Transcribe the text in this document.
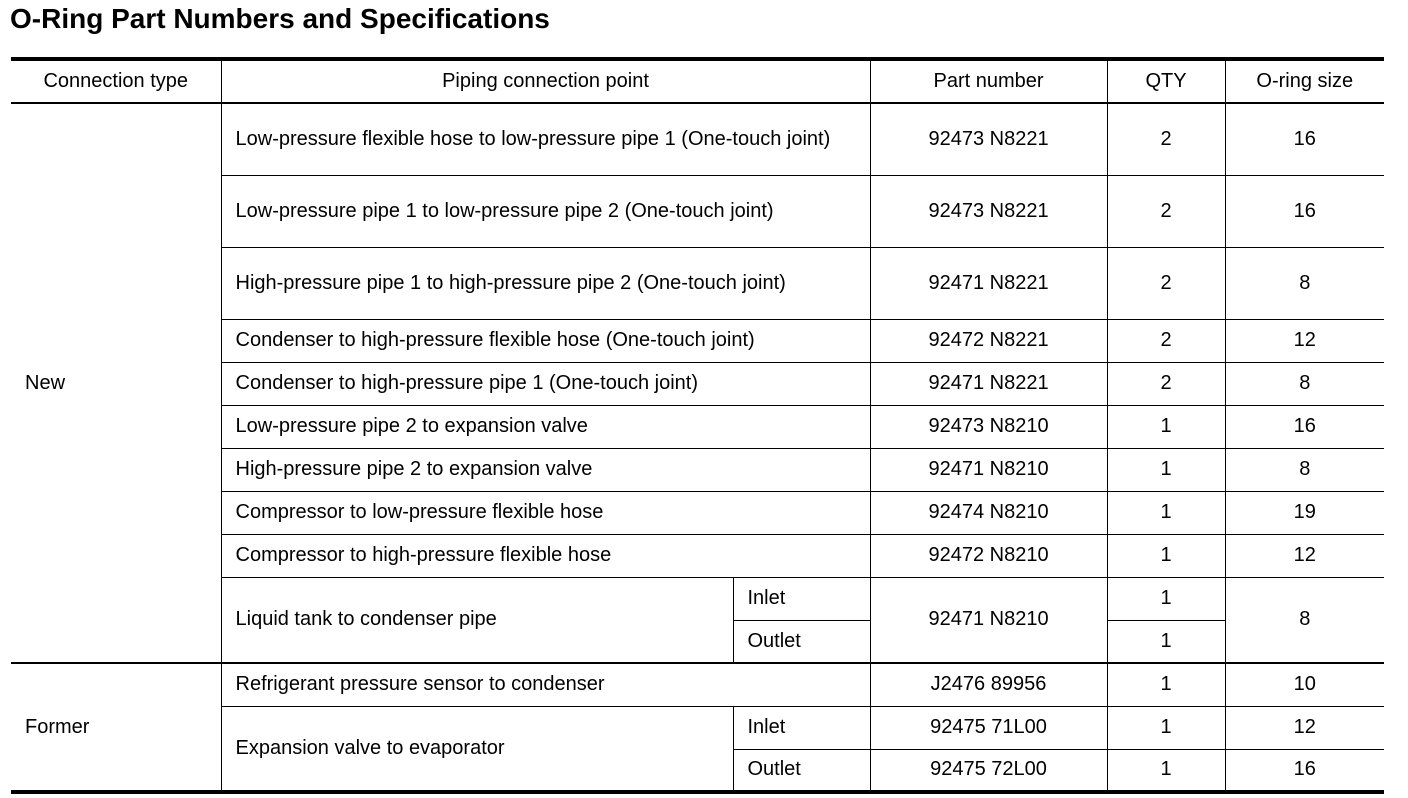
O-Ring Part Numbers and Specifications
Connection type	Piping connection point		Part number	QTY	O-ring size
New	Low-pressure flexible hose to low-pressure pipe 1 (One-touch joint)		92473 N8221	2	16
	Low-pressure pipe 1 to low-pressure pipe 2 (One-touch joint)		92473 N8221	2	16
	High-pressure pipe 1 to high-pressure pipe 2 (One-touch joint)		92471 N8221	2	8
	Condenser to high-pressure flexible hose (One-touch joint)		92472 N8221	2	12
	Condenser to high-pressure pipe 1 (One-touch joint)		92471 N8221	2	8
	Low-pressure pipe 2 to expansion valve		92473 N8210	1	16
	High-pressure pipe 2 to expansion valve		92471 N8210	1	8
	Compressor to low-pressure flexible hose		92474 N8210	1	19
	Compressor to high-pressure flexible hose		92472 N8210	1	12
	Liquid tank to condenser pipe	Inlet	92471 N8210	1	8
		Outlet		1	
Former	Refrigerant pressure sensor to condenser		J2476 89956	1	10
	Expansion valve to evaporator	Inlet	92475 71L00	1	12
		Outlet	92475 72L00	1	16
